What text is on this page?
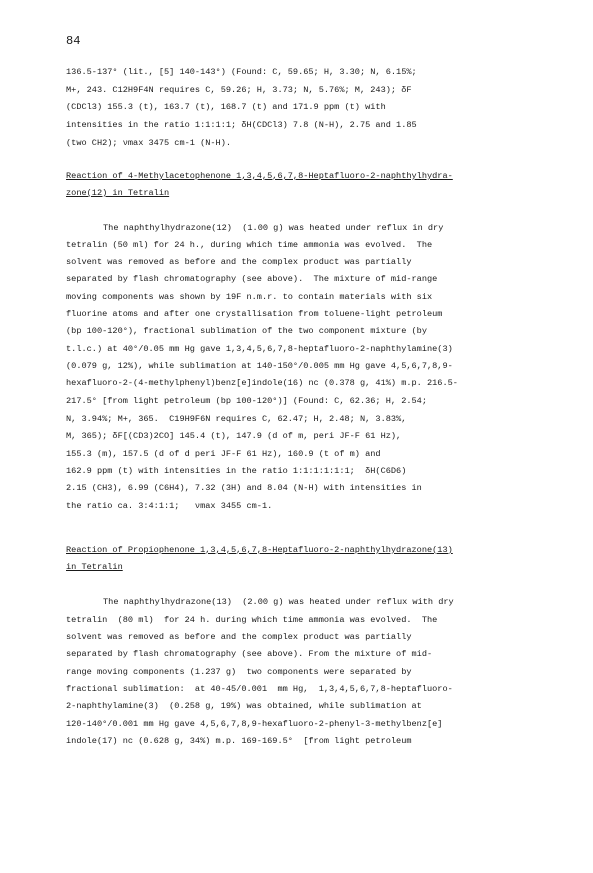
84
136.5-137° (lit., [5] 140-143°) (Found: C, 59.65; H, 3.30; N, 6.15%;
M+, 243. C12H9F4N requires C, 59.26; H, 3.73; N, 5.76%; M, 243); δF
(CDCl3) 155.3 (t), 163.7 (t), 168.7 (t) and 171.9 ppm (t) with
intensities in the ratio 1:1:1:1; δH(CDCl3) 7.8 (N-H), 2.75 and 1.85
(two CH2); νmax 3475 cm-1 (N-H).
Reaction of 4-Methylacetophenone 1,3,4,5,6,7,8-Heptafluoro-2-naphthylhydra-
zone(12) in Tetralin
The naphthylhydrazone(12)  (1.00 g) was heated under reflux in dry
tetralin (50 ml) for 24 h., during which time ammonia was evolved.  The
solvent was removed as before and the complex product was partially
separated by flash chromatography (see above).  The mixture of mid-range
moving components was shown by 19F n.m.r. to contain materials with six
fluorine atoms and after one crystallisation from toluene-light petroleum
(bp 100-120°), fractional sublimation of the two component mixture (by
t.l.c.) at 40°/0.05 mm Hg gave 1,3,4,5,6,7,8-heptafluoro-2-naphthylamine(3)
(0.079 g, 12%), while sublimation at 140-150°/0.005 mm Hg gave 4,5,6,7,8,9-
hexafluoro-2-(4-methylphenyl)benz[e]indole(16) nc (0.378 g, 41%) m.p. 216.5-
217.5° [from light petroleum (bp 100-120°)] (Found: C, 62.36; H, 2.54;
N, 3.94%; M+, 365.  C19H9F6N requires C, 62.47; H, 2.48; N, 3.83%,
M, 365); δF[(CD3)2CO] 145.4 (t), 147.9 (d of m, peri JF-F 61 Hz),
155.3 (m), 157.5 (d of d peri JF-F 61 Hz), 160.9 (t of m) and
162.9 ppm (t) with intensities in the ratio 1:1:1:1:1:1;  δH(C6D6)
2.15 (CH3), 6.99 (C6H4), 7.32 (3H) and 8.04 (N-H) with intensities in
the ratio ca. 3:4:1:1;   νmax 3455 cm-1.
Reaction of Propiophenone 1,3,4,5,6,7,8-Heptafluoro-2-naphthylhydrazone(13)
in Tetralin
The naphthylhydrazone(13)  (2.00 g) was heated under reflux with dry
tetralin  (80 ml)  for 24 h. during which time ammonia was evolved.  The
solvent was removed as before and the complex product was partially
separated by flash chromatography (see above). From the mixture of mid-
range moving components (1.237 g)  two components were separated by
fractional sublimation:  at 40-45/0.001  mm Hg,  1,3,4,5,6,7,8-heptafluoro-
2-naphthylamine(3)  (0.258 g, 19%) was obtained, while sublimation at
120-140°/0.001 mm Hg gave 4,5,6,7,8,9-hexafluoro-2-phenyl-3-methylbenz[e]
indole(17) nc (0.628 g, 34%) m.p. 169-169.5°  [from light petroleum
